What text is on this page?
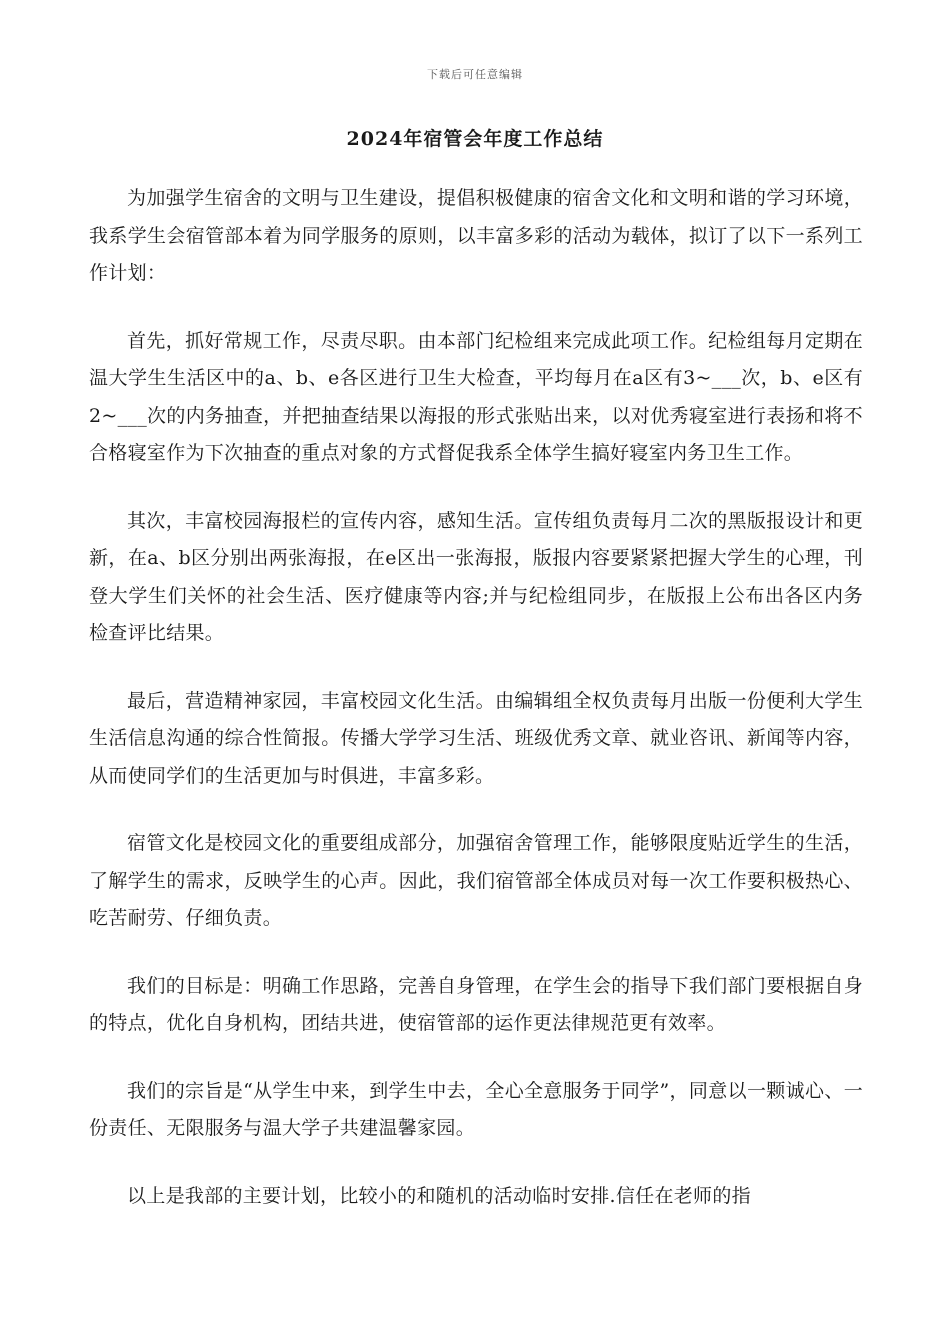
下载后可任意编辑
2024年宿管会年度工作总结

为加强学生宿舍的文明与卫生建设，提倡积极健康的宿舍文化和文明和谐的学习环境，我系学生会宿管部本着为同学服务的原则，以丰富多彩的活动为载体，拟订了以下一系列工作计划：

首先，抓好常规工作，尽责尽职。由本部门纪检组来完成此项工作。纪检组每月定期在温大学生生活区中的a、b、e各区进行卫生大检查，平均每月在a区有3~___次，b、e区有2~___次的内务抽查，并把抽查结果以海报的形式张贴出来，以对优秀寝室进行表扬和将不合格寝室作为下次抽查的重点对象的方式督促我系全体学生搞好寝室内务卫生工作。

其次，丰富校园海报栏的宣传内容，感知生活。宣传组负责每月二次的黑版报设计和更新，在a、b区分别出两张海报，在e区出一张海报，版报内容要紧紧把握大学生的心理，刊登大学生们关怀的社会生活、医疗健康等内容;并与纪检组同步，在版报上公布出各区内务检查评比结果。

最后，营造精神家园，丰富校园文化生活。由编辑组全权负责每月出版一份便利大学生生活信息沟通的综合性简报。传播大学学习生活、班级优秀文章、就业咨讯、新闻等内容，从而使同学们的生活更加与时俱进，丰富多彩。

宿管文化是校园文化的重要组成部分，加强宿舍管理工作，能够限度贴近学生的生活，了解学生的需求，反映学生的心声。因此，我们宿管部全体成员对每一次工作要积极热心、吃苦耐劳、仔细负责。

我们的目标是：明确工作思路，完善自身管理，在学生会的指导下我们部门要根据自身的特点，优化自身机构，团结共进，使宿管部的运作更法律规范更有效率。

我们的宗旨是“从学生中来，到学生中去，全心全意服务于同学”，同意以一颗诚心、一份责任、无限服务与温大学子共建温馨家园。

以上是我部的主要计划，比较小的和随机的活动临时安排.信任在老师的指
